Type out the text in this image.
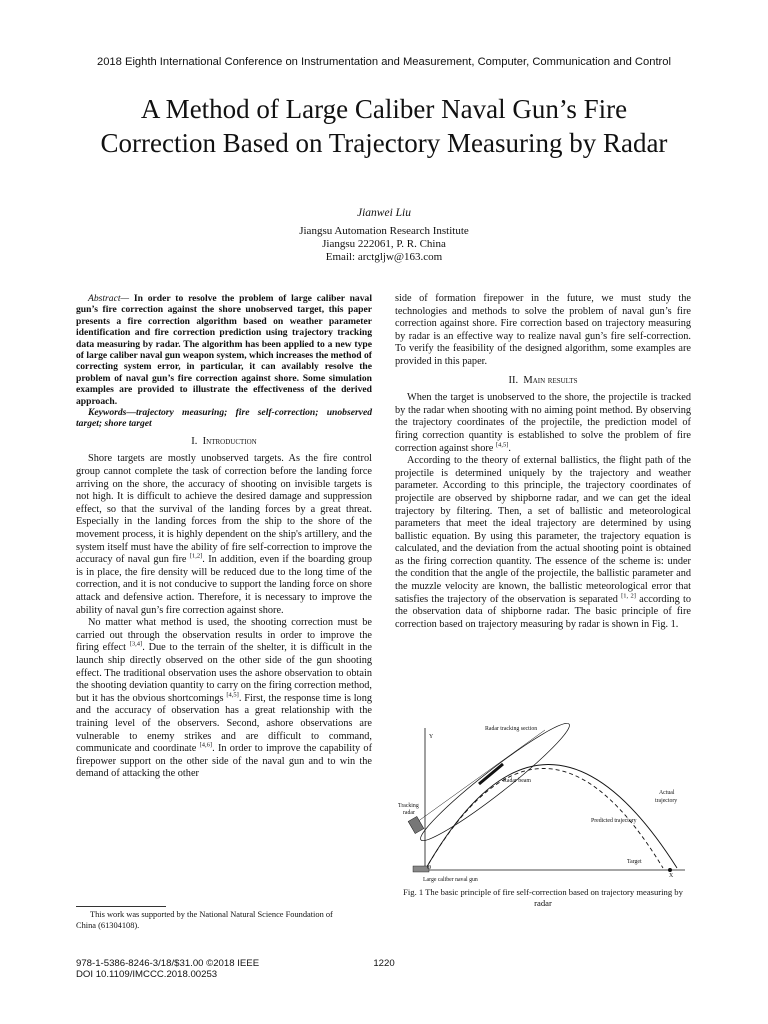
2018 Eighth International Conference on Instrumentation and Measurement, Computer, Communication and Control
A Method of Large Caliber Naval Gun’s Fire
Correction Based on Trajectory Measuring by Radar
Jianwei Liu
Jiangsu Automation Research Institute
Jiangsu 222061, P. R. China
Email: arctgljw@163.com

Abstract— In order to resolve the problem of large caliber naval gun’s fire correction against the shore unobserved target, this paper presents a fire correction algorithm based on weather parameter identification and fire correction prediction using trajectory tracking data measuring by radar. The algorithm has been applied to a new type of large caliber naval gun weapon system, which increases the method of correcting system error, in particular, it can availably resolve the problem of naval gun’s fire correction against shore. Some simulation examples are provided to illustrate the effectiveness of the derived approach.

Keywords—trajectory measuring; fire self-correction; unobserved target; shore target

I. Introduction

Shore targets are mostly unobserved targets. As the fire control group cannot complete the task of correction before the landing force arriving on the shore, the accuracy of shooting on invisible targets is not high. It is difficult to achieve the desired damage and suppression effect, so that the survival of the landing forces by a great threat. Especially in the landing forces from the ship to the shore of the movement process, it is highly dependent on the ship's artillery, and the system itself must have the ability of fire self-correction to improve the accuracy of naval gun fire [1,2]. In addition, even if the boarding group is in place, the fire density will be reduced due to the long time of the correction, and it is not conducive to support the landing force on shore attack and defensive action. Therefore, it is necessary to improve the ability of naval gun’s fire correction against shore.

No matter what method is used, the shooting correction must be carried out through the observation results in order to improve the firing effect [3,4]. Due to the terrain of the shelter, it is difficult in the launch ship directly observed on the other side of the gun shooting effect. The traditional observation uses the ashore observation to obtain the shooting deviation quantity to carry on the firing correction method, but it has the obvious shortcomings [4,5]. First, the response time is long and the accuracy of observation has a great relationship with the training level of the observers. Second, ashore observations are vulnerable to enemy strikes and are difficult to command, communicate and coordinate [4,6]. In order to improve the capability of firepower support on the other side of the naval gun and to win the demand of attacking the other

side of formation firepower in the future, we must study the technologies and methods to solve the problem of naval gun’s fire correction against shore. Fire correction based on trajectory measuring by radar is an effective way to realize naval gun’s fire self-correction. To verify the feasibility of the designed algorithm, some examples are provided in this paper.

II. Main results

When the target is unobserved to the shore, the projectile is tracked by the radar when shooting with no aiming point method. By observing the trajectory coordinates of the projectile, the prediction model of firing correction quantity is established to solve the problem of fire correction against shore [4,5].

According to the theory of external ballistics, the flight path of the projectile is determined uniquely by the trajectory and weather parameter. According to this principle, the trajectory coordinates of projectile are observed by shipborne radar, and we can get the ideal trajectory by filtering. Then, a set of ballistic and meteorological parameters that meet the ideal trajectory are determined by using ballistic equation. By using this parameter, the trajectory equation is calculated, and the deviation from the actual shooting point is obtained as the firing correction quantity. The essence of the scheme is: under the condition that the angle of the projectile, the ballistic parameter and the muzzle velocity are known, the ballistic meteorological error that satisfies the trajectory of the observation is separated [1, 2] according to the observation data of shipborne radar. The basic principle of fire correction based on trajectory measuring by radar is shown in Fig. 1.

Y
Radar tracking section
Radar beam
Actual
trajectory
Tracking
radar
Predicted trajectory
Target
O
X
Large caliber naval gun
Fig. 1 The basic principle of fire self-correction based on trajectory measuring by radar
This work was supported by the National Natural Science Foundation of
China (61304108).
978-1-5386-8246-3/18/$31.00 ©2018 IEEE
DOI 10.1109/IMCCC.2018.00253
1220
